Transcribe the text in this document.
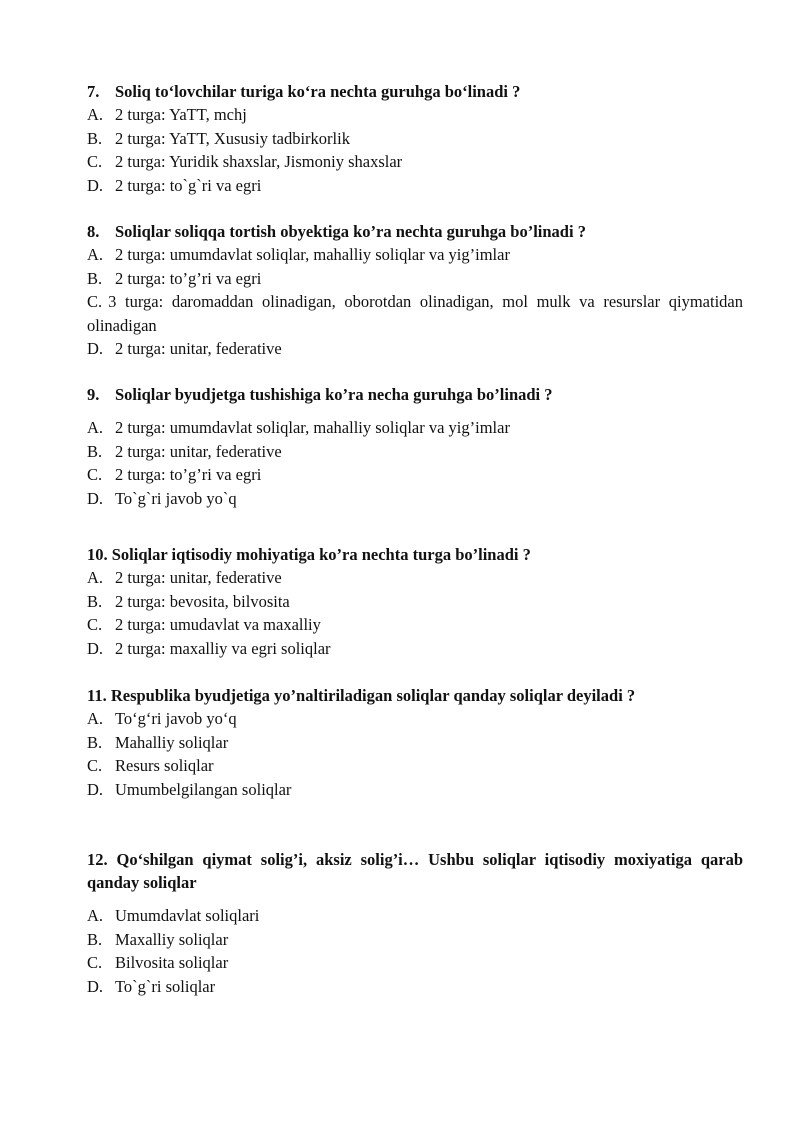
7. Soliq to‘lovchilar turiga ko‘ra nechta guruhga bo‘linadi ?
A. 2 turga: YaTT, mchj
B. 2 turga: YaTT, Xususiy tadbirkorlik
C. 2 turga: Yuridik shaxslar, Jismoniy shaxslar
D. 2 turga: to`g`ri va egri
8. Soliqlar soliqqa tortish obyektiga ko’ra nechta guruhga bo’linadi ?
A. 2 turga: umumdavlat soliqlar, mahalliy soliqlar va yig’imlar
B. 2 turga: to’g’ri va egri
C. 3 turga: daromaddan olinadigan, oborotdan olinadigan, mol mulk va resurslar qiymatidan olinadigan
D. 2 turga: unitar, federative
9. Soliqlar byudjetga tushishiga ko’ra necha guruhga bo’linadi ?
A. 2 turga: umumdavlat soliqlar, mahalliy soliqlar va yig’imlar
B. 2 turga: unitar, federative
C. 2 turga: to’g’ri va egri
D. To`g`ri javob yo`q
10. Soliqlar iqtisodiy mohiyatiga ko’ra nechta turga bo’linadi ?
A. 2 turga: unitar, federative
B. 2 turga: bevosita, bilvosita
C. 2 turga: umudavlat va maxalliy
D. 2 turga: maxalliy va egri soliqlar
11. Respublika byudjetiga yo’naltiriladigan soliqlar qanday soliqlar deyiladi ?
A. To‘g‘ri javob yo‘q
B. Mahalliy soliqlar
C. Resurs soliqlar
D. Umumbelgilangan soliqlar
12. Qo‘shilgan qiymat solig’i, aksiz solig’i… Ushbu soliqlar iqtisodiy moxiyatiga qarab qanday soliqlar
A. Umumdavlat soliqlari
B. Maxalliy soliqlar
C. Bilvosita soliqlar
D. To`g`ri soliqlar
